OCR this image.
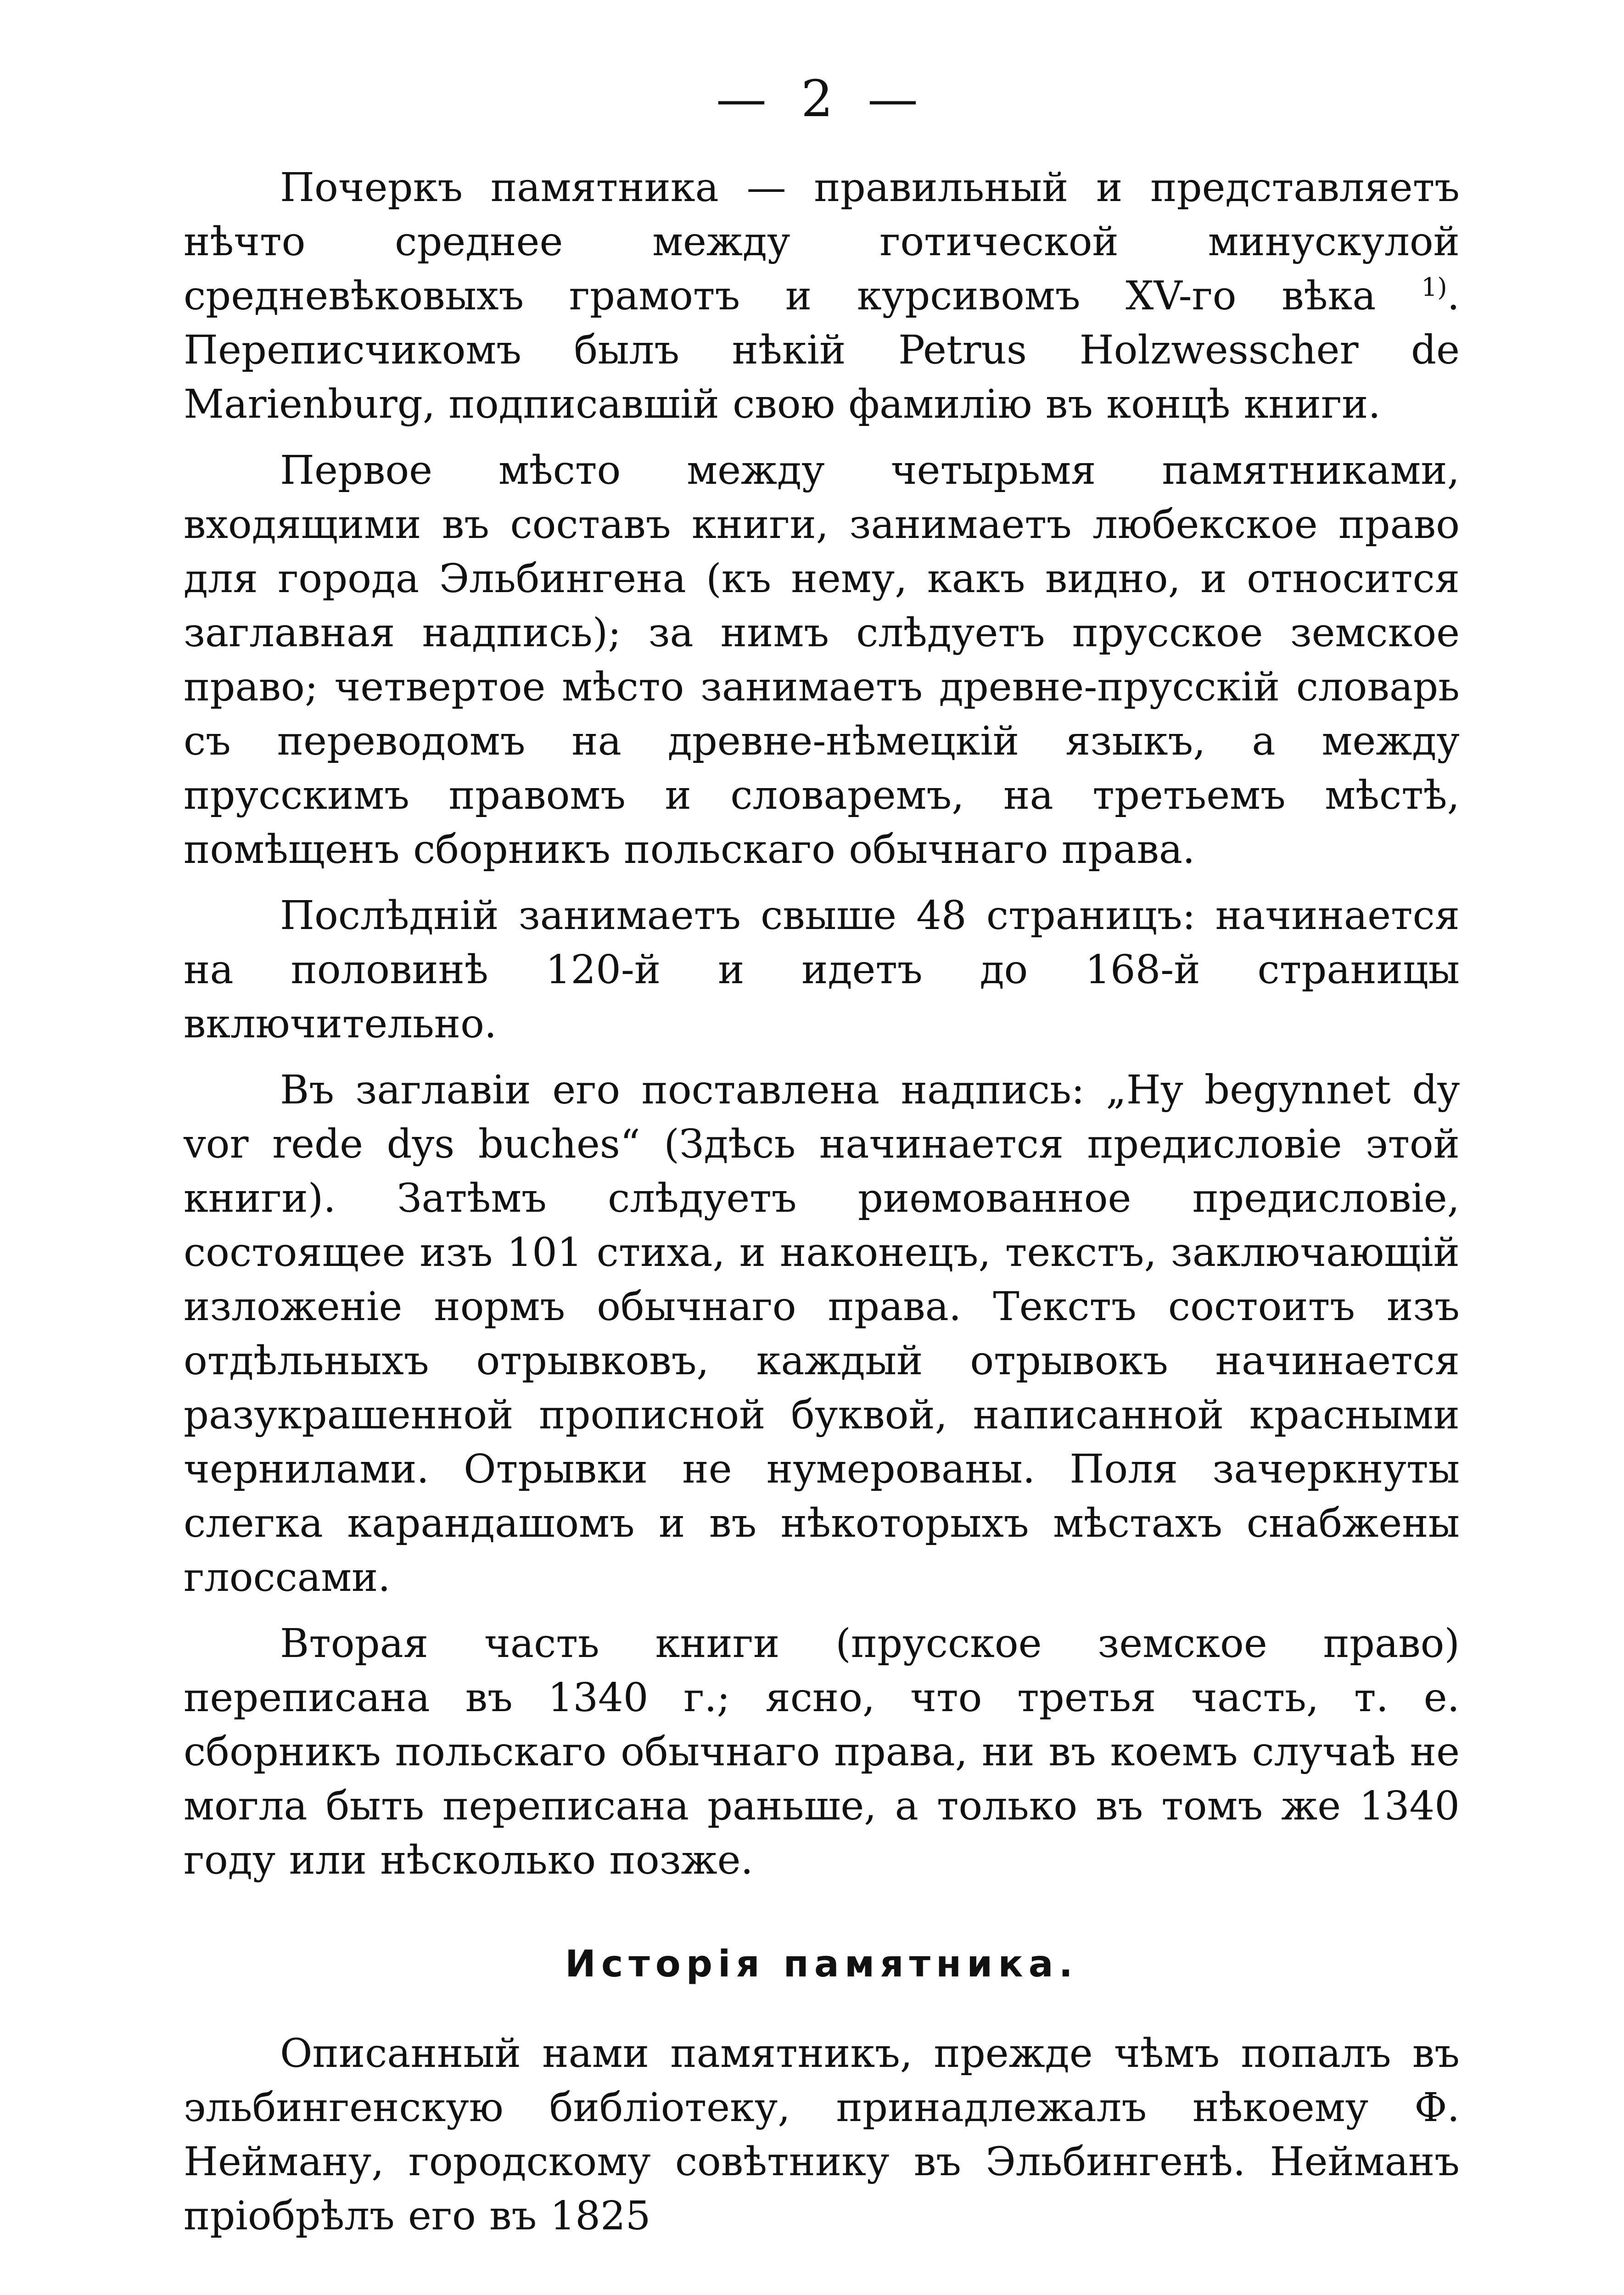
— 2 —

Почеркъ памятника — правильный и представляетъ нѣчто среднее между готической минускулой средневѣковыхъ грамотъ и курсивомъ XV-го вѣка $^{1)}$. Переписчикомъ былъ нѣкій Petrus Holzwesscher de Marienburg, подписавшій свою фамилію въ концѣ книги.

Первое мѣсто между четырьмя памятниками, входящими въ составъ книги, занимаетъ любекское право для города Эльбингена (къ нему, какъ видно, и относится заглавная надпись); за нимъ слѣдуетъ прусское земское право; четвертое мѣсто занимаетъ древне-прусскій словарь съ переводомъ на древне-нѣмецкій языкъ, а между прусскимъ правомъ и словаремъ, на третьемъ мѣстѣ, помѣщенъ сборникъ польскаго обычнаго права.

Послѣдній занимаетъ свыше 48 страницъ: начинается на половинѣ 120-й и идетъ до 168-й страницы включительно.

Въ заглавіи его поставлена надпись: „Hy begynnet dy vor rede dys buches“ (Здѣсь начинается предисловіе этой книги). Затѣмъ слѣдуетъ риѳмованное предисловіе, состоящее изъ 101 стиха, и наконецъ, текстъ, заключающій изложеніе нормъ обычнаго права. Текстъ состоитъ изъ отдѣльныхъ отрывковъ, каждый отрывокъ начинается разукрашенной прописной буквой, написанной красными чернилами. Отрывки не нумерованы. Поля зачеркнуты слегка карандашомъ и въ нѣкоторыхъ мѣстахъ снабжены глоссами.

Вторая часть книги (прусское земское право) переписана въ 1340 г.; ясно, что третья часть, т. е. сборникъ польскаго обычнаго права, ни въ коемъ случаѣ не могла быть переписана раньше, а только въ томъ же 1340 году или нѣсколько позже.

Исторія памятника.

Описанный нами памятникъ, прежде чѣмъ попалъ въ эльбингенскую библіотеку, принадлежалъ нѣкоему Ф. Нейману, городскому совѣтнику въ Эльбингенѣ. Нейманъ пріобрѣлъ его въ 1825
